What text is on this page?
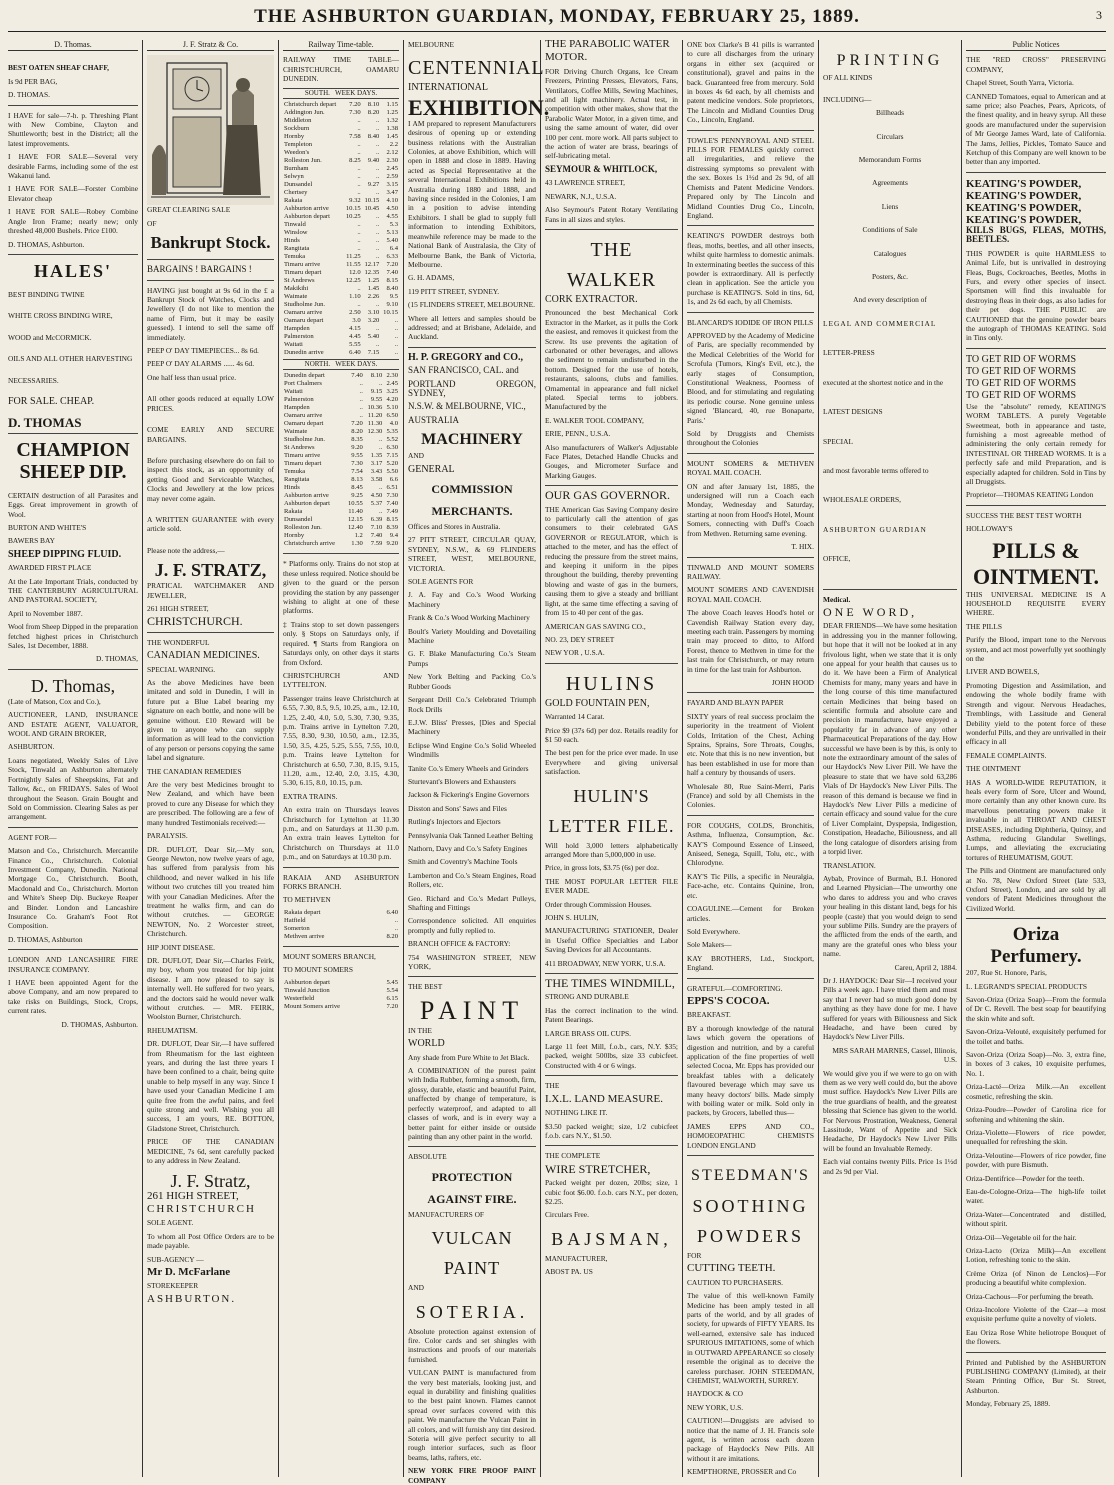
THE ASHBURTON GUARDIAN, MONDAY, FEBRUARY 25, 1889.	3
D. Thomas.

BEST OATEN SHEAF CHAFF,

Is 9d PER BAG,

D. THOMAS.

I HAVE for sale—7-h. p. Threshing Plant with New Combine, Clayton and Shuttleworth; best in the District; all the latest improvements.

I HAVE FOR SALE—Several very desirable Farms, including some of the est Wakanui land.

I HAVE FOR SALE—Forster Combine Elevator cheap

I HAVE FOR SALE—Robey Combine Angle Iron Frame; nearly new; only threshed 48,000 Bushels. Price £100.

D. THOMAS, Ashburton.

HALES'

BEST BINDING TWINE

WHITE CROSS BINDING WIRE,

WOOD and McCORMICK.

OILS AND ALL OTHER HARVESTING

NECESSARIES.

FOR SALE. CHEAP.

D. THOMAS

CHAMPION
SHEEP DIP.

CERTAIN destruction of all Parasites and Eggs. Great improvement in growth of Wool.

BURTON AND WHITE'S

BAWERS BAY

SHEEP DIPPING FLUID.

AWARDED FIRST PLACE

At the Late Important Trials, conducted by THE CANTERBURY AGRICULTURAL AND PASTORAL SOCIETY,

April to November 1887.

Wool from Sheep Dipped in the preparation fetched highest prices in Christchurch Sales, 1st December, 1888.

D. THOMAS,

D. Thomas,

(Late of Matson, Cox and Co.),

AUCTIONEER, LAND, INSURANCE AND ESTATE AGENT, VALUATOR, WOOL AND GRAIN BROKER,

ASHBURTON.

Loans negotiated, Weekly Sales of Live Stock, Tinwald an Ashburton alternately Fortnightly Sales of Sheepskins, Fat and Tallow, &c., on FRIDAYS. Sales of Wool throughout the Season. Grain Bought and Sold on Commission. Clearing Sales as per arrangement.

AGENT FOR—

Matson and Co., Christchurch. Mercantile Finance Co., Christchurch. Colonial Investment Company, Dunedin. National Mortgage Co., Christchurch. Booth, Macdonald and Co., Christchurch. Morton and White's Sheep Dip. Buckeye Reaper and Binder. London and Lancashire Insurance Co. Graham's Foot Rot Composition.

D. THOMAS, Ashburton

LONDON AND LANCASHIRE FIRE INSURANCE COMPANY.

I HAVE been appointed Agent for the above Company, and am now prepared to take risks on Buildings, Stock, Crops, current rates.

D. THOMAS, Ashburton.

J. F. Stratz & Co.

GREAT CLEARING SALE

OF

Bankrupt Stock.

BARGAINS ! BARGAINS !

HAVING just bought at 9s 6d in the £ a Bankrupt Stock of Watches, Clocks and Jewellery (I do not like to mention the name of Firm, but it may be easily guessed). I intend to sell the same off immediately.

PEEP O' DAY TIMEPIECES... 8s 6d.

PEEP O' DAY ALARMS ...... 4s 6d.

One half less than usual price.

All other goods reduced at equally LOW PRICES.

COME EARLY AND SECURE BARGAINS.

Before purchasing elsewhere do on fail to inspect this stock, as an opportunity of getting Good and Serviceable Watches, Clocks and Jewellery at the low prices may never come again.

A WRITTEN GUARANTEE with every article sold.

Please note the address,—

J. F. STRATZ,

PRATICAL WATCHMAKER AND JEWELLER,

261 HIGH STREET,

CHRISTCHURCH.

THE WONDERFUL

CANADIAN MEDICINES.

SPECIAL WARNING.

As the above Medicines have been imitated and sold in Dunedin, I will in future put a Blue Label bearing my signature on each bottle, and none will be genuine without. £10 Reward will be given to anyone who can supply information as will lead to the conviction of any person or persons copying the same label and signature.

THE CANADIAN REMEDIES

Are the very best Medicines brought to New Zealand, and which have been proved to cure any Disease for which they are prescribed. The following are a few of many hundred Testimonials received:—

PARALYSIS.

DR. DUFLOT, Dear Sir,—My son, George Newton, now twelve years of age, has suffered from paralysis from his childhood, and never walked in his life without two crutches till you treated him with your Canadian Medicines. After the treatment he walks firm, and can do without crutches. — GEORGE NEWTON, No. 2 Worcester street, Christchurch.

HIP JOINT DISEASE.

DR. DUFLOT, Dear Sir,—Charles Feirk, my boy, whom you treated for hip joint disease. I am now pleased to say is internally well. He suffered for two years, and the doctors said he would never walk without crutches. — MR. FEIRK, Woolston Burner, Christchurch.

RHEUMATISM.

DR. DUFLOT, Dear Sir,—I have suffered from Rheumatism for the last eighteen years, and during the last three years I have been confined to a chair, being quite unable to help myself in any way. Since I have used your Canadian Medicine I am quite free from the awful pains, and feel quite strong and well. Wishing you all success, I am yours, RE. BOTTON, Gladstone Street, Christchurch.

PRICE OF THE CANADIAN MEDICINE, 7s 6d, sent carefully packed to any address in New Zealand.

J. F. Stratz,

261 HIGH STREET,

CHRISTCHURCH

SOLE AGENT.

To whom all Post Office Orders are to be made payable.

SUB-AGENCY —

Mr D. McFarlane

STOREKEEPER

ASHBURTON.

Railway Time-table.

RAILWAY TIME TABLE—CHRISTCHURCH, OAMARU DUNEDIN.

SOUTH. WEEK DAYS.
Christchurch depart	7.20	8.10	1.15
Addington Jun.	7.30	8.20	1.25
Middleton	..	..	1.32
Sockburn	..	..	1.38
Hornby	7.58	8.40	1.45
Templeton	..	..	2.2
Weedon's	..	..	2.12
Rolleston Jun.	8.25	9.40	2.30
Burnham	..	..	2.45
Selwyn	..	..	2.59
Dunsandel	..	9.27	3.15
Chertsey	..	..	3.47
Rakaia	9.32	10.15	4.10
Ashburton arrive	10.15	10.45	4.50
Ashburton depart	10.25	..	4.55
Tinwald	..	..	5.3
Winslow	..	..	5.13
Hinds	..	..	5.40
Rangitata	..	..	6.4
Temuka	11.25	..	6.33
Timaru arrive	11.55	12.17	7.20
Timaru depart	12.0	12.35	7.40
St Andrews	12.25	1.25	8.15
Makikihi	..	1.45	8.40
Waimate	1.10	2.26	9.5
Studholme Jun.	..	..	9.10
Oamaru arrive	2.50	3.10	10.15
Oamaru depart	3.0	3.20	..
Hampden	4.15	..	..
Palmerston	4.45	5.40	..
Waitati	5.55	..	..
Dunedin arrive	6.40	7.15	..
NORTH. WEEK DAYS.
Dunedin depart	7.40	8.10	2.30
Port Chalmers	..	..	2.45
Waitati	..	9.15	3.25
Palmerston	..	9.55	4.20
Hampden	..	10.36	5.10
Oamaru arrive	..	11.20	6.50
Oamaru depart	7.20	11.30	4.0
Waimate	8.20	12.30	5.35
Studholme Jun.	8.35	..	5.52
St Andrews	9.20	..	6.30
Timaru arrive	9.55	1.35	7.15
Timaru depart	7.30	3.17	5.20
Temuka	7.54	3.43	5.50
Rangitata	8.13	3.58	6.6
Hinds	8.45	..	6.51
Ashburton arrive	9.25	4.50	7.30
Ashburton depart	10.55	5.37	7.40
Rakaia	11.40	..	7.49
Dunsandel	12.15	6.39	8.15
Rolleston Jun.	12.40	7.10	8.39
Hornby	1.2	7.40	9.4
Christchurch arrive	1.30	7.59	9.20

* Platforms only. Trains do not stop at these unless required. Notice should be given to the guard or the person providing the station by any passenger wishing to alight at one of these platforms.

‡ Trains stop to set down passengers only. § Stops on Saturdays only, if required. ¶ Starts from Rangiora on Saturdays only, on other days it starts from Oxford.

CHRISTCHURCH AND LYTTELTON.

Passenger trains leave Christchurch at 6.55, 7.30, 8.5, 9.5, 10.25, a.m., 12.10, 1.25, 2.40, 4.0, 5.0, 5.30, 7.30, 9.35, p.m. Trains arrive in Lyttelton 7.20, 7.55, 8.30, 9.30, 10.50, a.m., 12.35, 1.50, 3.5, 4.25, 5.25, 5.55, 7.55, 10.0, p.m. Trains leave Lyttelton for Christchurch at 6.50, 7.30, 8.15, 9.15, 11.20, a.m., 12.40, 2.0, 3.15, 4.30, 5.30, 6.15, 8.0, 10.15, p.m.

EXTRA TRAINS.

An extra train on Thursdays leaves Christchurch for Lyttelton at 11.30 p.m., and on Saturdays at 11.30 p.m. An extra train leaves Lyttelton for Christchurch on Thursdays at 11.0 p.m., and on Saturdays at 10.30 p.m.

RAKAIA AND ASHBURTON FORKS BRANCH.

TO METHVEN

Rakaia depart	6.40
Hatfield	..
Somerton	..
Methven arrive	8.20

MOUNT SOMERS BRANCH,

TO MOUNT SOMERS

Ashburton depart	5.45
Tinwald Junction	5.54
Westerfield	6.15
Mount Somers arrive	7.20

MELBOURNE

CENTENNIAL

INTERNATIONAL

EXHIBITION.

I AM prepared to represent Manufacturers desirous of opening up or extending business relations with the Australian Colonies, at above Exhibition, which will open in 1888 and close in 1889. Having acted as Special Representative at the several International Exhibitions held in Australia during 1880 and 1888, and having since resided in the Colonies, I am in a position to advise intending Exhibitors. I shall be glad to supply full information to intending Exhibitors, meanwhile reference may be made to the National Bank of Australasia, the City of Melbourne Bank, the Bank of Victoria, Melbourne.

G. H. ADAMS,

119 PITT STREET, SYDNEY.

(15 FLINDERS STREET, MELBOURNE.

Where all letters and samples should be addressed; and at Brisbane, Adelaide, and Auckland.

H. P. GREGORY and CO.,

SAN FRANCISCO, CAL. and

PORTLAND OREGON, SYDNEY,

N.S.W. & MELBOURNE, VIC.,

AUSTRALIA

MACHINERY

AND

GENERAL

COMMISSION MERCHANTS.

Offices and Stores in Australia.

27 PITT STREET, CIRCULAR QUAY, SYDNEY, N.S.W., & 69 FLINDERS STREET, WEST, MELBOURNE, VICTORIA.

SOLE AGENTS FOR

J. A. Fay and Co.'s Wood Working Machinery

Frank & Co.'s Wood Working Machinery

Boult's Variety Moulding and Dovetailing Machine

G. F. Blake Manufacturing Co.'s Steam Pumps

New York Belting and Packing Co.'s Rubber Goods

Sergeant Drill Co.'s Celebrated Triumph Rock Drills

E.J.W. Bliss' Presses, [Dies and Special Machinery

Eclipse Wind Engine Co.'s Solid Wheeled Windmills

Tanite Co.'s Emery Wheels and Grinders

Sturtevant's Blowers and Exhausters

Jackson & Fickering's Engine Governors

Disston and Sons' Saws and Files

Rutling's Injectors and Ejectors

Pennsylvania Oak Tanned Leather Belting

Nathorn, Davy and Co.'s Safety Engines

Smith and Coventry's Machine Tools

Lamberton and Co.'s Steam Engines, Road Rollers, etc.

Geo. Richard and Co.'s Medart Pulleys, Shafting and Fittings

Correspondence solicited. All enquiries promptly and fully replied to.

BRANCH OFFICE & FACTORY:

754 WASHINGTON STREET, NEW YORK,

THE BEST

PAINT

IN THE

WORLD

Any shade from Pure White to Jet Black.

A COMBINATION of the purest paint with India Rubber, forming a smooth, firm, glossy, durable, elastic and beautiful Paint, unaffected by change of temperature, is perfectly waterproof, and adapted to all classes of work, and is in every way a better paint for either inside or outside painting than any other paint in the world.

ABSOLUTE

PROTECTION AGAINST FIRE.

MANUFACTURERS OF

VULCAN PAINT

AND

SOTERIA.

Absolute protection against extension of fire. Color cards and set shingles with instructions and proofs of our materials furnished.

VULCAN PAINT is manufactured from the very best materials, looking just, and equal in durability and finishing qualities to the best paint known. Flames cannot spread over surfaces covered with this paint. We manufacture the Vulcan Paint in all colors, and will furnish any tint desired. Soteria will give perfect security to all rough interior surfaces, such as floor beams, laths, rafters, etc.

NEW YORK FIRE PROOF PAINT COMPANY

THE PARABOLIC WATER

MOTOR.

FOR Driving Church Organs, Ice Cream Freezers, Printing Presses, Elevators, Fans, Ventilators, Coffee Mills, Sewing Machines, and all light machinery. Actual test, in competition with other makes, show that the Parabolic Water Motor, in a given time, and using the same amount of water, did over 100 per cent. more work. All parts subject to the action of water are brass, bearings of self-lubricating metal.

SEYMOUR & WHITLOCK,

43 LAWRENCE STREET,

NEWARK, N.J., U.S.A.

Also Seymour's Patent Rotary Ventilating Fans in all sizes and styles.

THE WALKER

CORK EXTRACTOR.

Pronounced the best Mechanical Cork Extractor in the Market, as it pulls the Cork the easiest, and removes it quickest from the Screw. Its use prevents the agitation of carbonated or other beverages, and allows the sediment to remain undisturbed in the bottom. Designed for the use of hotels, restaurants, saloons, clubs and families. Ornamental in appearance and full nickel plated. Special terms to jobbers. Manufactured by the

E. WALKER TOOL COMPANY,

ERIE, PENN., U.S.A.

Also manufacturers of Walker's Adjustable Face Plates, Detached Handle Chucks and Gouges, and Micrometer Surface and Marking Gauges.

OUR GAS GOVERNOR.

THE American Gas Saving Company desire to particularly call the attention of gas consumers to their celebrated GAS GOVERNOR or REGULATOR, which is attached to the meter, and has the effect of reducing the pressure from the street mains, and keeping it uniform in the pipes throughout the building, thereby preventing blowing and waste of gas in the burners, causing them to give a steady and brilliant light, at the same time effecting a saving of from 15 to 40 per cent of the gas.

AMERICAN GAS SAVING CO.,

NO. 23, DEY STREET

NEW YOR , U.S.A.

HULINS

GOLD FOUNTAIN PEN,

Warranted 14 Carat.

Price $9 (37s 6d) per doz. Retails readily for $1 50 each.

The best pen for the price ever made. In use Everywhere and giving universal satisfaction.

HULIN'S
LETTER FILE.

Will hold 3,000 letters alphabetically arranged More than 5,000,000 in use.

Price, in gross lots, $3.75 (6s) per doz.

THE MOST POPULAR LETTER FILE EVER MADE.

Order through Commission Houses.

JOHN S. HULIN,

MANUFACTURING STATIONER, Dealer in Useful Office Specialties and Labor Saving Devices for all Accountants.

411 BROADWAY, NEW YORK, U.S.A.

THE TIMES WINDMILL,

STRONG AND DURABLE

Has the correct inclination to the wind. Patent Bearings.

LARGE BRASS OIL CUPS.

Large 11 feet Mill, f.o.b., cars, N.Y. $35; packed, weight 500lbs, size 33 cubicfeet. Constructed with 4 or 6 wings.

THE

I.X.L. LAND MEASURE.

NOTHING LIKE IT.

$3.50 packed weight; size, 1/2 cubicfeet f.o.b. cars N.Y., $1.50.

THE COMPLETE

WIRE STRETCHER,

Packed weight per dozen, 20lbs; size, 1 cubic foot $6.00. f.o.b. cars N.Y., per dozen, $2.25.

Circulars Free.

BAJSMAN,

MANUFACTURER,

ABOST PA. US

ONE box Clarke's B 41 pills is warranted to cure all discharges from the urinary organs in either sex (acquired or constitutional), gravel and pains in the back. Guaranteed free from mercury. Sold in boxes 4s 6d each, by all chemists and patent medicine vendors. Sole proprietors, The Lincoln and Midland Counties Drug Co., Lincoln, England.

TOWLE'S PENNYROYAL AND STEEL PILLS FOR FEMALES quickly correct all irregularities, and relieve the distressing symptoms so prevalent with the sex. Boxes 1s 1½d and 2s 9d, of all Chemists and Patent Medicine Vendors. Prepared only by The Lincoln and Midland Counties Drug Co., Lincoln, England.

KEATING'S POWDER destroys both fleas, moths, beetles, and all other insects, whilst quite harmless to domestic animals. In exterminating beetles the success of this powder is extraordinary. All is perfectly clean in application. See the article you purchase is KEATING'S. Sold in tins, 6d, 1s, and 2s 6d each, by all Chemists.

BLANCARD'S IODIDE OF IRON PILLS

APPROVED by the Academy of Medicine of Paris, are specially recommended by the Medical Celebrities of the World for Scrofula (Tumors, King's Evil, etc.), the early stages of Consumption, Constitutional Weakness, Poorness of Blood, and for stimulating and regulating its periodic course. None genuine unless signed 'Blancard, 40, rue Bonaparte, Paris.'

Sold by Druggists and Chemists throughout the Colonies

MOUNT SOMERS & METHVEN ROYAL MAIL COACH.

ON and after January 1st, 1885, the undersigned will run a Coach each Monday, Wednesday and Saturday, starting at noon from Hood's Hotel, Mount Somers, connecting with Duff's Coach from Methven. Returning same evening.

T. HIX.

TINWALD AND MOUNT SOMERS RAILWAY.

MOUNT SOMERS AND CAVENDISH ROYAL MAIL COACH.

The above Coach leaves Hood's hotel or Cavendish Railway Station every day, meeting each train. Passengers by morning train may proceed to ditto, to Alford Forest, thence to Methven in time for the last train for Christchurch, or may return in time for the last train for Ashburton.

JOHN HOOD

FAYARD AND BLAYN PAPER

SIXTY years of real success proclaim the superiority in the treatment of Violent Colds, Irritation of the Chest, Aching Sprains, Sprains, Sore Throats, Coughs, etc. Note that this is no new invention, but has been established in use for more than half a century by thousands of users.

Wholesale 80, Rue Saint-Merri, Paris (France) and sold by all Chemists in the Colonies.

FOR COUGHS, COLDS, Bronchitis, Asthma, Influenza, Consumption, &c. KAY'S Compound Essence of Linseed, Aniseed, Senega, Squill, Tolu, etc., with Chlorodyne.

KAY'S Tic Pills, a specific in Neuralgia, Face-ache, etc. Contains Quinine, Iron, etc.

COAGULINE.—Cement for Broken articles.

Sold Everywhere.

Sole Makers—

KAY BROTHERS, Ltd., Stockport, England.

GRATEFUL—COMFORTING.

EPPS'S COCOA.

BREAKFAST.

BY a thorough knowledge of the natural laws which govern the operations of digestion and nutrition, and by a careful application of the fine properties of well selected Cocoa, Mr. Epps has provided our breakfast tables with a delicately flavoured beverage which may save us many heavy doctors' bills. Made simply with boiling water or milk. Sold only in packets, by Grocers, labelled thus—

JAMES EPPS AND CO., HOMOEOPATHIC CHEMISTS LONDON ENGLAND

STEEDMAN'S
SOOTHING
POWDERS

FOR

CUTTING TEETH.

CAUTION TO PURCHASERS.

The value of this well-known Family Medicine has been amply tested in all parts of the world, and by all grades of society, for upwards of FIFTY YEARS. Its well-earned, extensive sale has induced SPURIOUS IMITATIONS, some of which in OUTWARD APPEARANCE so closely resemble the original as to deceive the careless purchaser. JOHN STEEDMAN, CHEMIST, WALWORTH, SURREY.

HAYDOCK & CO

NEW YORK, U.S.

CAUTION!—Druggists are advised to notice that the name of J. H. Francis sole agent, is written across each dozen package of Haydock's New Pills. All without it are imitations.

KEMPTHORNE, PROSSER and Co

PRINTING

OF ALL KINDS

INCLUDING—

Billheads

Circulars

Memorandum Forms

Agreements

Liens

Conditions of Sale

Catalogues

Posters, &c.

And every description of

LEGAL AND COMMERCIAL

LETTER-PRESS

executed at the shortest notice and in the

LATEST DESIGNS

SPECIAL

and most favorable terms offered to

WHOLESALE ORDERS,

ASHBURTON GUARDIAN

OFFICE,

Medical.

ONE WORD,

DEAR FRIENDS—We have some hesitation in addressing you in the manner following, but hope that it will not be looked at in any frivolous light, when we state that it is only one appeal for your health that causes us to do it. We have been a Firm of Analytical Chemists for many, many years and have in the long course of this time manufactured certain Medicines that being based on scientific formula and absolute care and precision in manufacture, have enjoyed a popularity far in advance of any other Pharmaceutical Preparations of the day. How successful we have been is by this, is only to note the extraordinary amount of the sales of our Haydock's New Liver Pill. We have the pleasure to state that we have sold 63,286 Vials of Dr Haydock's New Liver Pills. The reason of this demand is because we find in Haydock's New Liver Pills a medicine of certain efficacy and sound value for the cure of Liver Complaint, Dyspepsia, Indigestion, Constipation, Headache, Biliousness, and all the long catalogue of disorders arising from a torpid liver.

TRANSLATION.

Aybab, Province of Burmah, B.I. Honored and Learned Physician—The unworthy one who dares to address you and who craves your healing in this distant land, begs for his people (caste) that you would deign to send your sublime Pills. Sundry are the prayers of the afflicted from the ends of the earth, and many are the grateful ones who bless your name.

Careu, April 2, 1884.

Dr J. HAYDOCK: Dear Sir—I received your Pills a week ago. I have tried them and must say that I never had so much good done by anything as they have done for me. I have suffered for years with Biliousness and Sick Headache, and have been cured by Haydock's New Liver Pills.

MRS SARAH MARNES, Cassel, Illinois, U.S.

We would give you if we were to go on with them as we very well could do, but the above must suffice. Haydock's New Liver Pills are the true guardians of health, and the greatest blessing that Science has given to the world. For Nervous Prostration, Weakness, General Lassitude, Want of Appetite and Sick Headache, Dr Haydock's New Liver Pills will be found an Invaluable Remedy.

Each vial contains twenty Pills. Price 1s 1½d and 2s 9d per Vial.

Public Notices

THE "RED CROSS" PRESERVING COMPANY,

Chapel Street, South Yarra, Victoria.

CANNED Tomatoes, equal to American and at same price; also Peaches, Pears, Apricots, of the finest quality, and in heavy syrup. All these goods are manufactured under the supervision of Mr George James Ward, late of California. The Jams, Jellies, Pickles, Tomato Sauce and Ketchup of this Company are well known to be better than any imported.

KEATING'S POWDER,
KEATING'S POWDER,
KEATING'S POWDER,
KEATING'S POWDER,

KILLS BUGS, FLEAS, MOTHS, BEETLES.

THIS POWDER is quite HARMLESS to Animal Life, but is unrivalled in destroying Fleas, Bugs, Cockroaches, Beetles, Moths in Furs, and every other species of insect. Sportsmen will find this invaluable for destroying fleas in their dogs, as also ladies for their pet dogs. THE PUBLIC are CAUTIONED that the genuine powder bears the autograph of THOMAS KEATING. Sold in Tins only.

TO GET RID OF WORMS
TO GET RID OF WORMS
TO GET RID OF WORMS
TO GET RID OF WORMS

Use the "absolute" remedy, KEATING'S WORM TABLETS. A purely Vegetable Sweetmeat, both in appearance and taste, furnishing a most agreeable method of administering the only certain remedy for INTESTINAL OR THREAD WORMS. It is a perfectly safe and mild Preparation, and is especially adapted for children. Sold in Tins by all Druggists.

Proprietor—THOMAS KEATING London

SUCCESS THE BEST TEST WORTH

HOLLOWAY'S

PILLS & OINTMENT.

THIS UNIVERSAL MEDICINE IS A HOUSEHOLD REQUISITE EVERY WHERE.

THE PILLS

Purify the Blood, impart tone to the Nervous system, and act most powerfully yet soothingly on the

LIVER AND BOWELS,

Promoting Digestion and Assimilation, and endowing the whole bodily frame with Strength and vigour. Nervous Headaches, Tremblings, with Lassitude and General Debility yield to the potent force of these wonderful Pills, and they are unrivalled in their efficacy in all

FEMALE COMPLAINTS.

THE OINTMENT

HAS A WORLD-WIDE REPUTATION, it heals every form of Sore, Ulcer and Wound, more certainly than any other known cure. Its marvellous penetrating powers make it invaluable in all THROAT AND CHEST DISEASES, including Diphtheria, Quinsy, and Asthma, reducing Glandular Swellings, Lumps, and alleviating the excruciating tortures of RHEUMATISM, GOUT.

The Pills and Ointment are manufactured only at No. 78, New Oxford Street (late 533, Oxford Street), London, and are sold by all vendors of Patent Medicines throughout the Civilized World.

Oriza Perfumery.

207, Rue St. Honore, Paris,

L. LEGRAND'S SPECIAL PRODUCTS

Savon-Oriza (Oriza Soap)—From the formula of Dr C. Revell. The best soap for beautifying the skin white and soft.

Savon-Oriza-Velouté, exquisitely perfumed for the toilet and baths.

Savon-Oriza (Oriza Soap)—No. 3, extra fine, in boxes of 3 cakes, 10 exquisite perfumes, No. 1.

Oriza-Lacté—Oriza Milk.—An excellent cosmetic, refreshing the skin.

Oriza-Poudre—Powder of Carolina rice for softening and whitening the skin.

Oriza-Violette—Flowers of rice powder, unequalled for refreshing the skin.

Oriza-Veloutine—Flowers of rice powder, fine powder, with pure Bismuth.

Oriza-Dentifrice—Powder for the teeth.

Eau-de-Cologne-Oriza—The high-life toilet water.

Oriza-Water—Concentrated and distilled, without spirit.

Oriza-Oil—Vegetable oil for the hair.

Oriza-Lacto (Oriza Milk)—An excellent Lotion, refreshing tonic to the skin.

Crème Oriza (of Ninon de Lenclos)—For producing a beautiful white complexion.

Oriza-Cachous—For perfuming the breath.

Oriza-Incolore Violette of the Czar—a most exquisite perfume quite a novelty of violets.

Eau Oriza Rose White heliotrope Bouquet of the flowers.

Printed and Published by the ASHBURTON PUBLISHING COMPANY (Limited), at their Steam Printing Office, Bur St. Street, Ashburton.

Monday, February 25, 1889.
